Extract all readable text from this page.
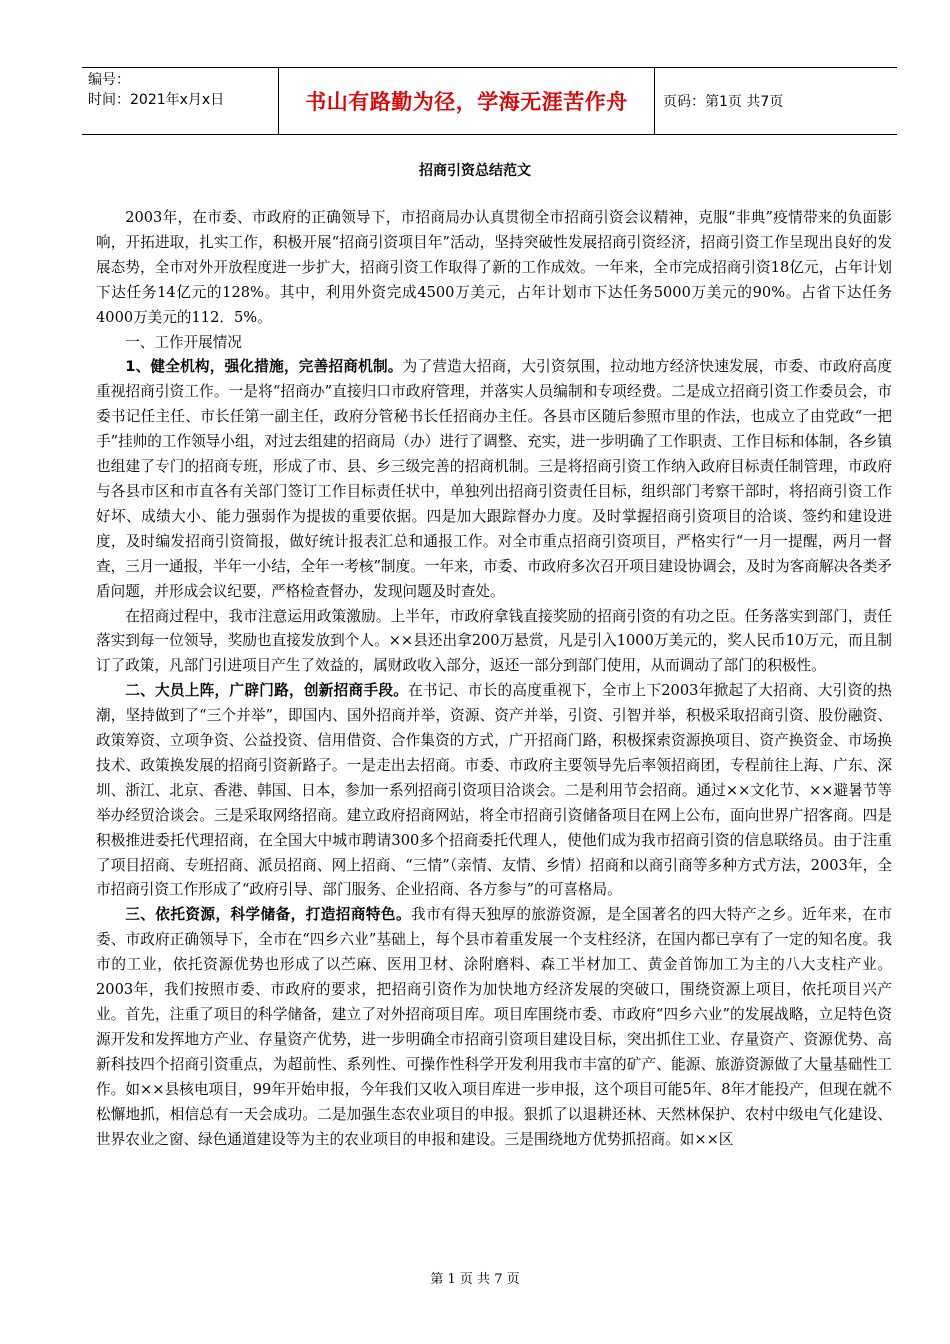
编号：
时间：2021年x月x日	书山有路勤为径，学海无涯苦作舟	页码：第1页 共7页
招商引资总结范文

2003年，在市委、市政府的正确领导下，市招商局办认真贯彻全市招商引资会议精神，克服“非典”疫情带来的负面影响，开拓进取，扎实工作，积极开展“招商引资项目年”活动，坚持突破性发展招商引资经济，招商引资工作呈现出良好的发展态势，全市对外开放程度进一步扩大，招商引资工作取得了新的工作成效。一年来，全市完成招商引资18亿元，占年计划下达任务14亿元的128%。其中，利用外资完成4500万美元，占年计划市下达任务5000万美元的90%。占省下达任务4000万美元的112．5%。

一、工作开展情况

1、健全机构，强化措施，完善招商机制。为了营造大招商，大引资氛围，拉动地方经济快速发展，市委、市政府高度重视招商引资工作。一是将“招商办”直接归口市政府管理，并落实人员编制和专项经费。二是成立招商引资工作委员会，市委书记任主任、市长任第一副主任，政府分管秘书长任招商办主任。各县市区随后参照市里的作法，也成立了由党政“一把手”挂帅的工作领导小组，对过去组建的招商局（办）进行了调整、充实，进一步明确了工作职责、工作目标和体制，各乡镇也组建了专门的招商专班，形成了市、县、乡三级完善的招商机制。三是将招商引资工作纳入政府目标责任制管理，市政府与各县市区和市直各有关部门签订工作目标责任状中，单独列出招商引资责任目标，组织部门考察干部时，将招商引资工作好坏、成绩大小、能力强弱作为提拔的重要依据。四是加大跟踪督办力度。及时掌握招商引资项目的洽谈、签约和建设进度，及时编发招商引资简报，做好统计报表汇总和通报工作。对全市重点招商引资项目，严格实行“一月一提醒，两月一督查，三月一通报，半年一小结，全年一考核”制度。一年来，市委、市政府多次召开项目建设协调会，及时为客商解决各类矛盾问题，并形成会议纪要，严格检查督办，发现问题及时查处。

在招商过程中，我市注意运用政策激励。上半年，市政府拿钱直接奖励的招商引资的有功之臣。任务落实到部门，责任落实到每一位领导，奖励也直接发放到个人。××县还出拿200万悬赏，凡是引入1000万美元的，奖人民币10万元，而且制订了政策，凡部门引进项目产生了效益的，属财政收入部分，返还一部分到部门使用，从而调动了部门的积极性。

二、大员上阵，广辟门路，创新招商手段。在书记、市长的高度重视下，全市上下2003年掀起了大招商、大引资的热潮，坚持做到了“三个并举”，即国内、国外招商并举，资源、资产并举，引资、引智并举，积极采取招商引资、股份融资、政策筹资、立项争资、公益投资、信用借资、合作集资的方式，广开招商门路，积极探索资源换项目、资产换资金、市场换技术、政策换发展的招商引资新路子。一是走出去招商。市委、市政府主要领导先后率领招商团，专程前往上海、广东、深圳、浙江、北京、香港、韩国、日本，参加一系列招商引资项目洽谈会。二是利用节会招商。通过××文化节、××避暑节等举办经贸洽谈会。三是采取网络招商。建立政府招商网站，将全市招商引资储备项目在网上公布，面向世界广招客商。四是积极推进委托代理招商，在全国大中城市聘请300多个招商委托代理人，使他们成为我市招商引资的信息联络员。由于注重了项目招商、专班招商、派员招商、网上招商、“三情”（亲情、友情、乡情）招商和以商引商等多种方式方法，2003年，全市招商引资工作形成了“政府引导、部门服务、企业招商、各方参与”的可喜格局。

三、依托资源，科学储备，打造招商特色。我市有得天独厚的旅游资源，是全国著名的四大特产之乡。近年来，在市委、市政府正确领导下，全市在“四乡六业”基础上，每个县市着重发展一个支柱经济，在国内都已享有了一定的知名度。我市的工业，依托资源优势也形成了以苎麻、医用卫材、涂附磨料、森工半材加工、黄金首饰加工为主的八大支柱产业。2003年，我们按照市委、市政府的要求，把招商引资作为加快地方经济发展的突破口，围绕资源上项目，依托项目兴产业。首先，注重了项目的科学储备，建立了对外招商项目库。项目库围绕市委、市政府“四乡六业”的发展战略，立足特色资源开发和发挥地方产业、存量资产优势，进一步明确全市招商引资项目建设目标，突出抓住工业、存量资产、资源优势、高新科技四个招商引资重点，为超前性、系列性、可操作性科学开发利用我市丰富的矿产、能源、旅游资源做了大量基础性工作。如××县核电项目，99年开始申报，今年我们又收入项目库进一步申报，这个项目可能5年、8年才能投产，但现在就不松懈地抓，相信总有一天会成功。二是加强生态农业项目的申报。狠抓了以退耕还林、天然林保护、农村中级电气化建设、世界农业之窗、绿色通道建设等为主的农业项目的申报和建设。三是围绕地方优势抓招商。如××区

第 1 页 共 7 页
